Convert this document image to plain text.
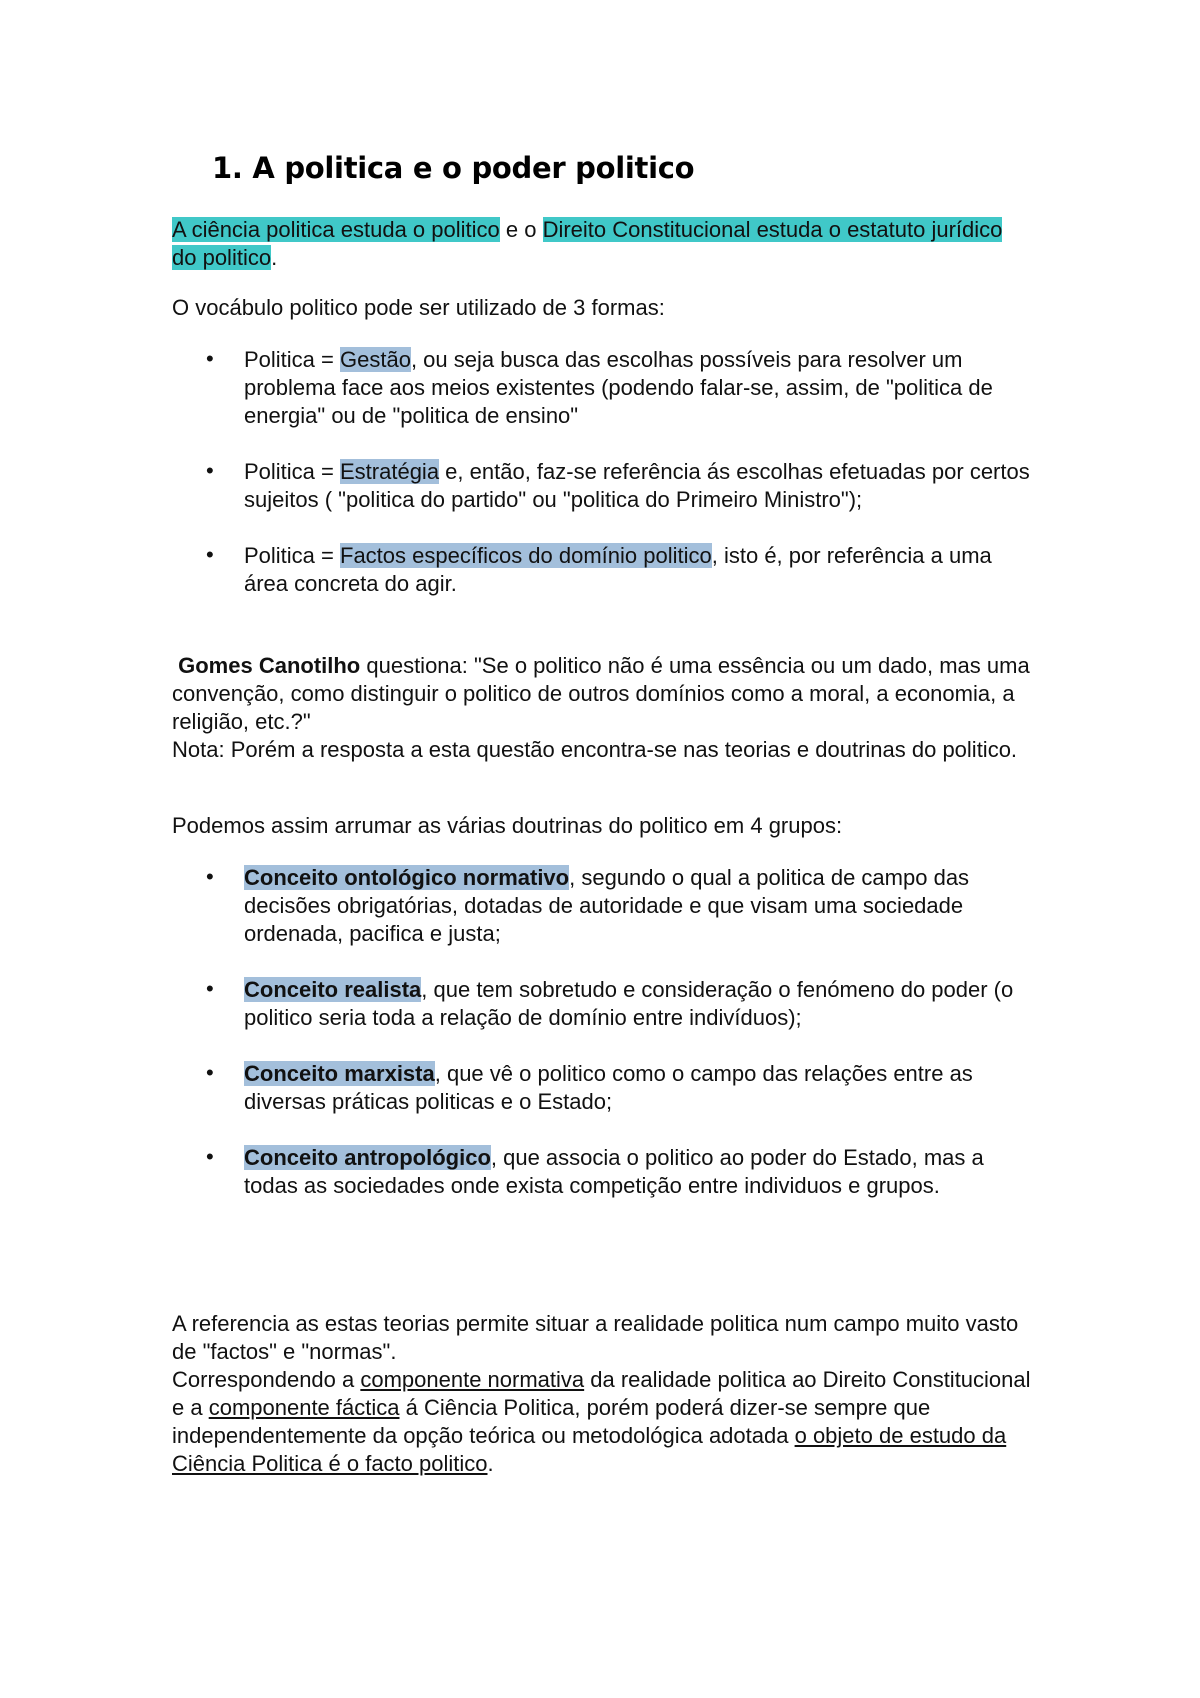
1. A politica e o poder politico

A ciência politica estuda o politico e o Direito Constitucional estuda o estatuto jurídico do politico.

O vocábulo politico pode ser utilizado de 3 formas:

• Politica = Gestão, ou seja busca das escolhas possíveis para resolver um problema face aos meios existentes (podendo falar-se, assim, de "politica de energia" ou de "politica de ensino"
• Politica = Estratégia e, então, faz-se referência ás escolhas efetuadas por certos sujeitos ( "politica do partido" ou "politica do Primeiro Ministro");
• Politica = Factos específicos do domínio politico, isto é, por referência a uma área concreta do agir.

Gomes Canotilho questiona: "Se o politico não é uma essência ou um dado, mas uma convenção, como distinguir o politico de outros domínios como a moral, a economia, a religião, etc.?"

Nota: Porém a resposta a esta questão encontra-se nas teorias e doutrinas do politico.

Podemos assim arrumar as várias doutrinas do politico em 4 grupos:

• Conceito ontológico normativo, segundo o qual a politica de campo das decisões obrigatórias, dotadas de autoridade e que visam uma sociedade ordenada, pacifica e justa;
• Conceito realista, que tem sobretudo e consideração o fenómeno do poder (o politico seria toda a relação de domínio entre indivíduos);
• Conceito marxista, que vê o politico como o campo das relações entre as diversas práticas politicas e o Estado;
• Conceito antropológico, que associa o politico ao poder do Estado, mas a todas as sociedades onde exista competição entre individuos e grupos.

A referencia as estas teorias permite situar a realidade politica num campo muito vasto de "factos" e "normas".

Correspondendo a componente normativa da realidade politica ao Direito Constitucional e a componente fáctica á Ciência Politica, porém poderá dizer-se sempre que independentemente da opção teórica ou metodológica adotada o objeto de estudo da Ciência Politica é o facto politico.
